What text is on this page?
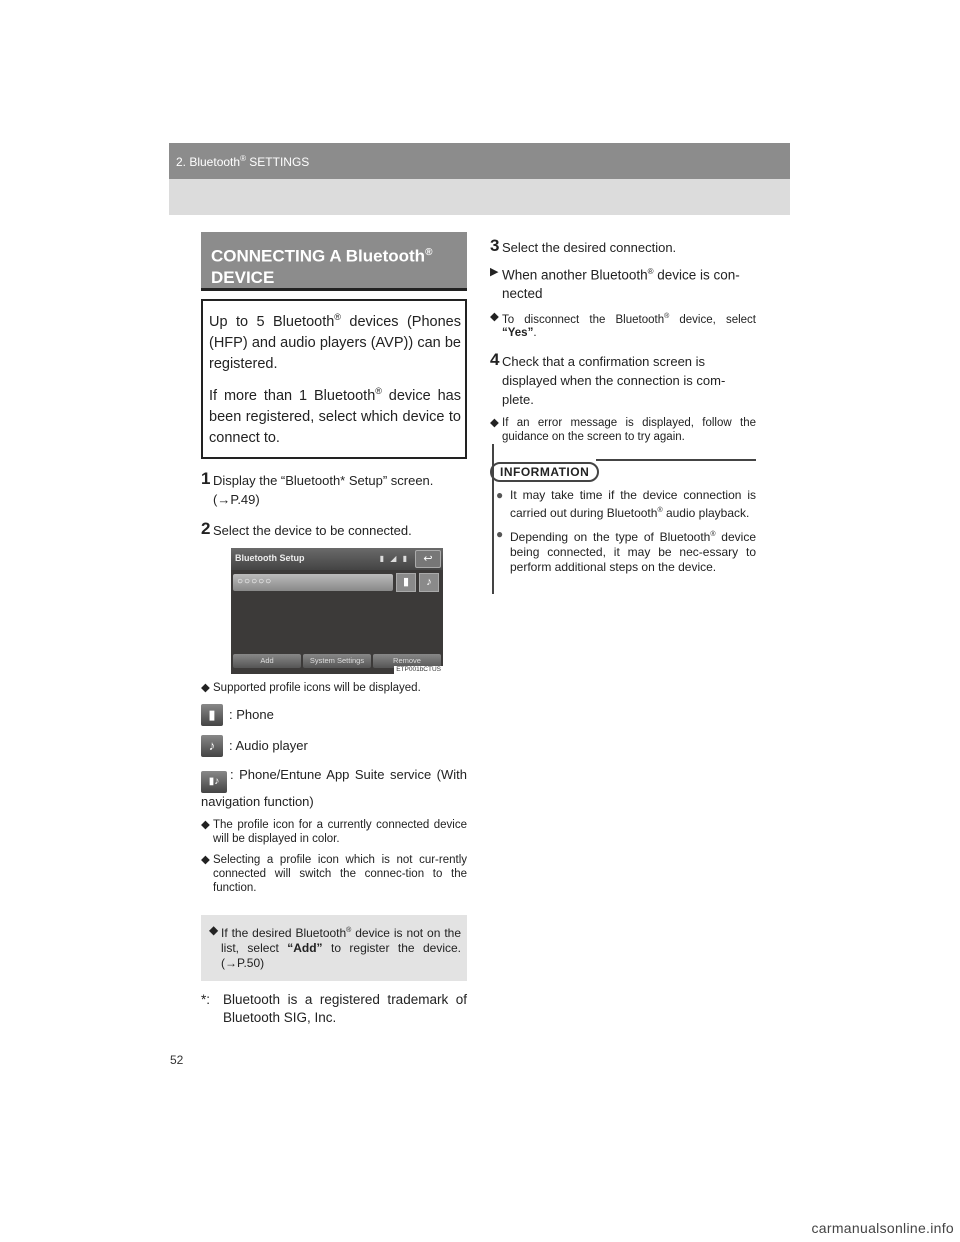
2. Bluetooth® SETTINGS
CONNECTING A Bluetooth®
DEVICE

Up to 5 Bluetooth® devices (Phones (HFP) and audio players (AVP)) can be registered.

If more than 1 Bluetooth® device has been registered, select which device to connect to.

1 Display the “Bluetooth* Setup” screen. (→P.49)
2 Select the device to be connected.
Bluetooth Setup	▮ ◢ ▮	↩
○○○○○	▮	♪
Add	System Settings	Remove
ETP001bCTUS
◆ Supported profile icons will be displayed.
▮	: Phone
♪	: Audio player
▮♪ : Phone/Entune App Suite service (With navigation function)
◆ The profile icon for a currently connected device will be displayed in color.
◆ Selecting a profile icon which is not cur-rently connected will switch the connec-tion to the function.
◆ If the desired Bluetooth® device is not on the list, select “Add” to register the device. (→P.50)
*: Bluetooth is a registered trademark of Bluetooth SIG, Inc.
3 Select the desired connection.
▶ When another Bluetooth® device is con-nected
◆ To disconnect the Bluetooth® device, select “Yes”.
4 Check that a confirmation screen is displayed when the connection is com-plete.
◆ If an error message is displayed, follow the guidance on the screen to try again.
INFORMATION
● It may take time if the device connection is carried out during Bluetooth® audio playback.
● Depending on the type of Bluetooth® device being connected, it may be nec-essary to perform additional steps on the device.
52
carmanualsonline.info
